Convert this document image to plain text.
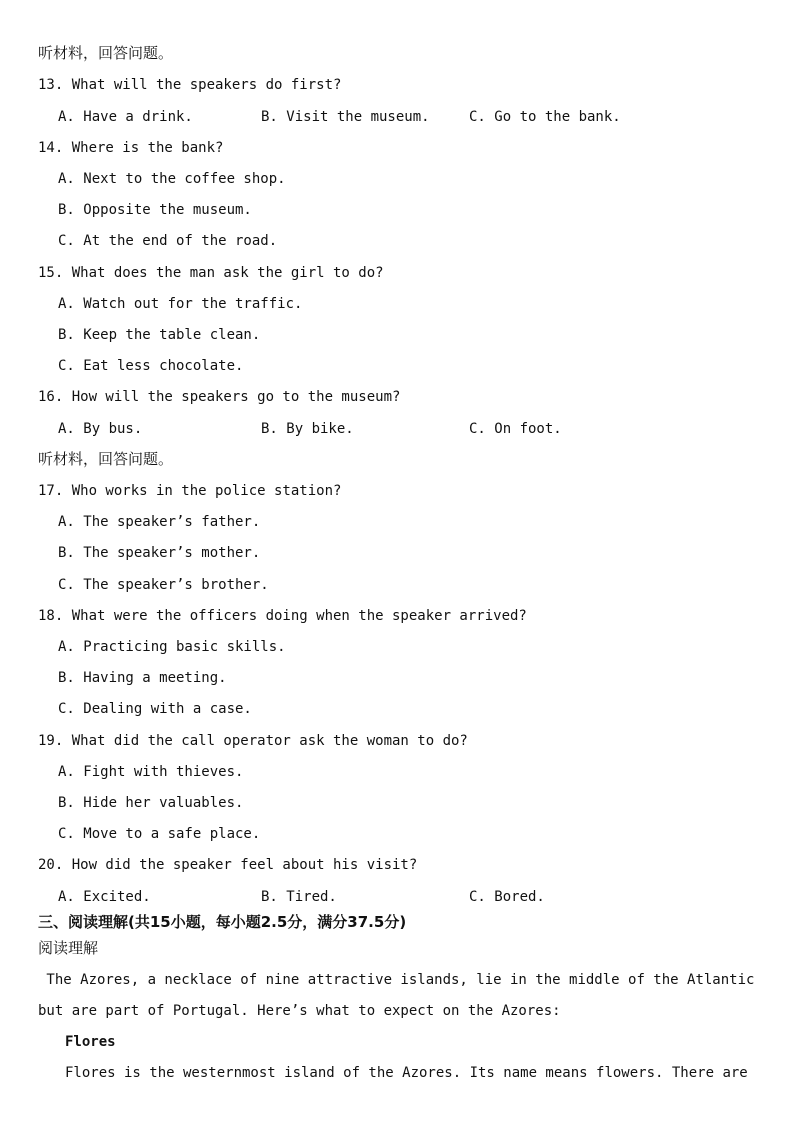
听材料，回答问题。
13. What will the speakers do first?
A. Have a drink.	B. Visit the museum.	C. Go to the bank.
14. Where is the bank?
A. Next to the coffee shop.
B. Opposite the museum.
C. At the end of the road.
15. What does the man ask the girl to do?
A. Watch out for the traffic.
B. Keep the table clean.
C. Eat less chocolate.
16. How will the speakers go to the museum?
A. By bus.	B. By bike.	C. On foot.
听材料，回答问题。
17. Who works in the police station?
A. The speaker’s father.
B. The speaker’s mother.
C. The speaker’s brother.
18. What were the officers doing when the speaker arrived?
A. Practicing basic skills.
B. Having a meeting.
C. Dealing with a case.
19. What did the call operator ask the woman to do?
A. Fight with thieves.
B. Hide her valuables.
C. Move to a safe place.
20. How did the speaker feel about his visit?
A. Excited.	B. Tired.	C. Bored.
三、阅读理解(共15小题，每小题2.5分，满分37.5分)
阅读理解
The Azores, a necklace of nine attractive islands, lie in the middle of the Atlantic
but are part of Portugal. Here’s what to expect on the Azores:
Flores
Flores is the westernmost island of the Azores. Its name means flowers. There are
